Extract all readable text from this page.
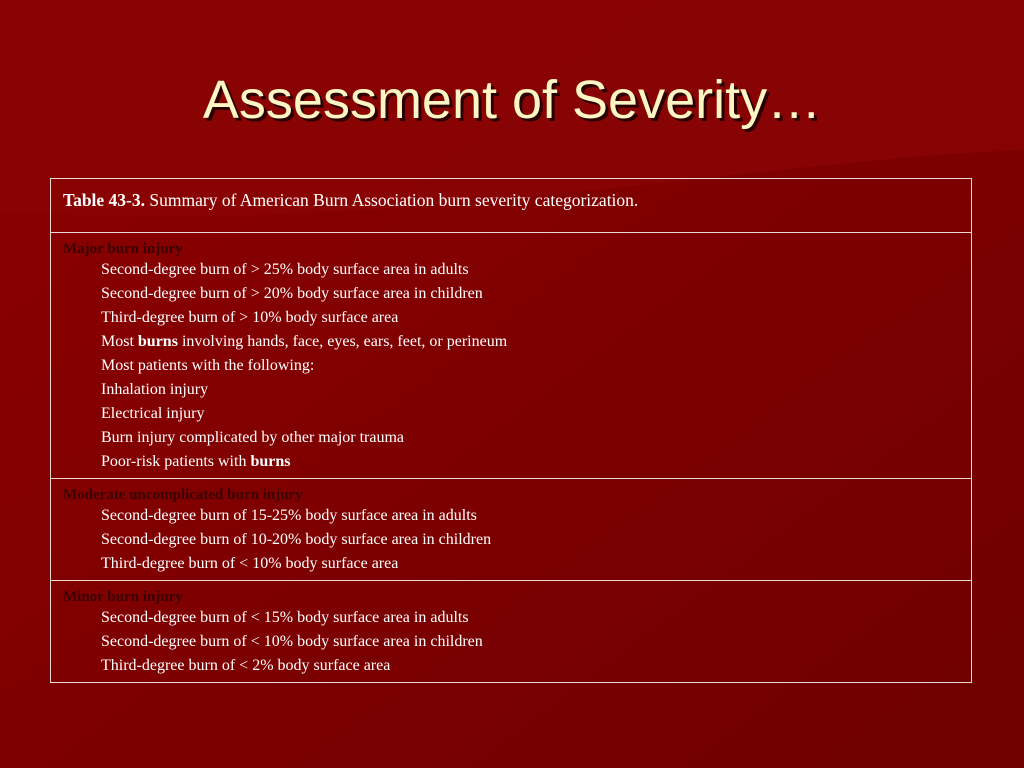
Assessment of Severity…
Table 43-3. Summary of American Burn Association burn severity categorization.
Major burn injury
Second-degree burn of > 25% body surface area in adults
Second-degree burn of > 20% body surface area in children
Third-degree burn of > 10% body surface area
Most burns involving hands, face, eyes, ears, feet, or perineum
Most patients with the following:
Inhalation injury
Electrical injury
Burn injury complicated by other major trauma
Poor-risk patients with burns
Moderate uncomplicated burn injury
Second-degree burn of 15-25% body surface area in adults
Second-degree burn of 10-20% body surface area in children
Third-degree burn of < 10% body surface area
Minor burn injury
Second-degree burn of < 15% body surface area in adults
Second-degree burn of < 10% body surface area in children
Third-degree burn of < 2% body surface area
